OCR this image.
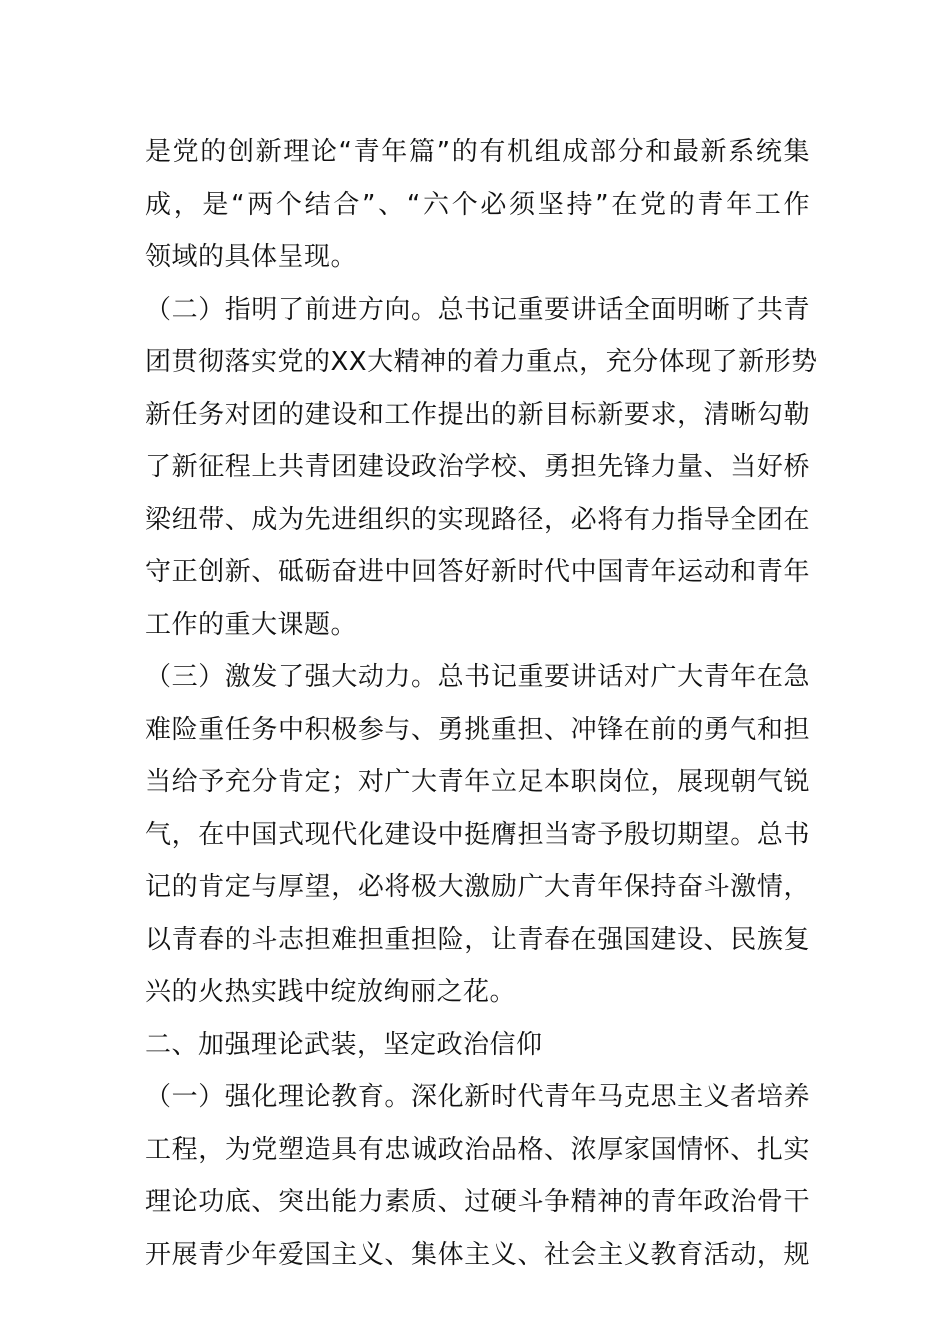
是党的创新理论“青年篇”的有机组成部分和最新系统集
成，是“两个结合”、“六个必须坚持”在党的青年工作
领域的具体呈现。
（二）指明了前进方向。总书记重要讲话全面明晰了共青
团贯彻落实党的XX大精神的着力重点，充分体现了新形势
新任务对团的建设和工作提出的新目标新要求，清晰勾勒
了新征程上共青团建设政治学校、勇担先锋力量、当好桥
梁纽带、成为先进组织的实现路径，必将有力指导全团在
守正创新、砥砺奋进中回答好新时代中国青年运动和青年
工作的重大课题。
（三）激发了强大动力。总书记重要讲话对广大青年在急
难险重任务中积极参与、勇挑重担、冲锋在前的勇气和担
当给予充分肯定；对广大青年立足本职岗位，展现朝气锐
气，在中国式现代化建设中挺膺担当寄予殷切期望。总书
记的肯定与厚望，必将极大激励广大青年保持奋斗激情，
以青春的斗志担难担重担险，让青春在强国建设、民族复
兴的火热实践中绽放绚丽之花。
二、加强理论武装，坚定政治信仰
（一）强化理论教育。深化新时代青年马克思主义者培养
工程，为党塑造具有忠诚政治品格、浓厚家国情怀、扎实
理论功底、突出能力素质、过硬斗争精神的青年政治骨干
开展青少年爱国主义、集体主义、社会主义教育活动，规
